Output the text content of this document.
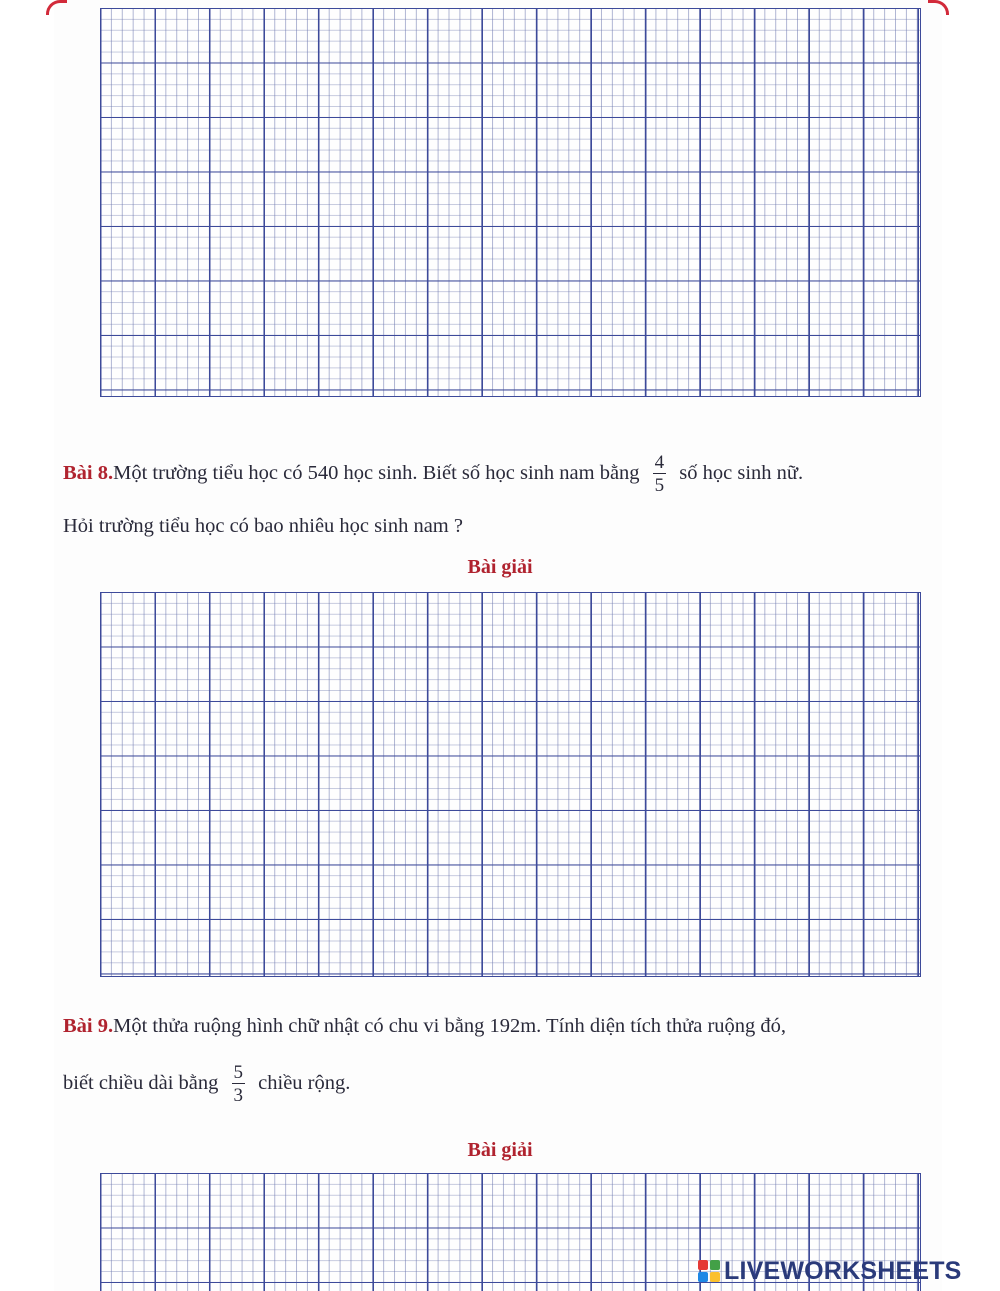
Bài 8.Một trường tiểu học có 540 học sinh. Biết số học sinh nam bằng $\frac{4}{5}$ số học sinh nữ.
Hỏi trường tiểu học có bao nhiêu học sinh nam ?
Bài giải
Bài 9.Một thửa ruộng hình chữ nhật có chu vi bằng 192m. Tính diện tích thửa ruộng đó,
biết chiều dài bằng $\frac{5}{3}$ chiều rộng.
Bài giải
LIVEWORKSHEETS
